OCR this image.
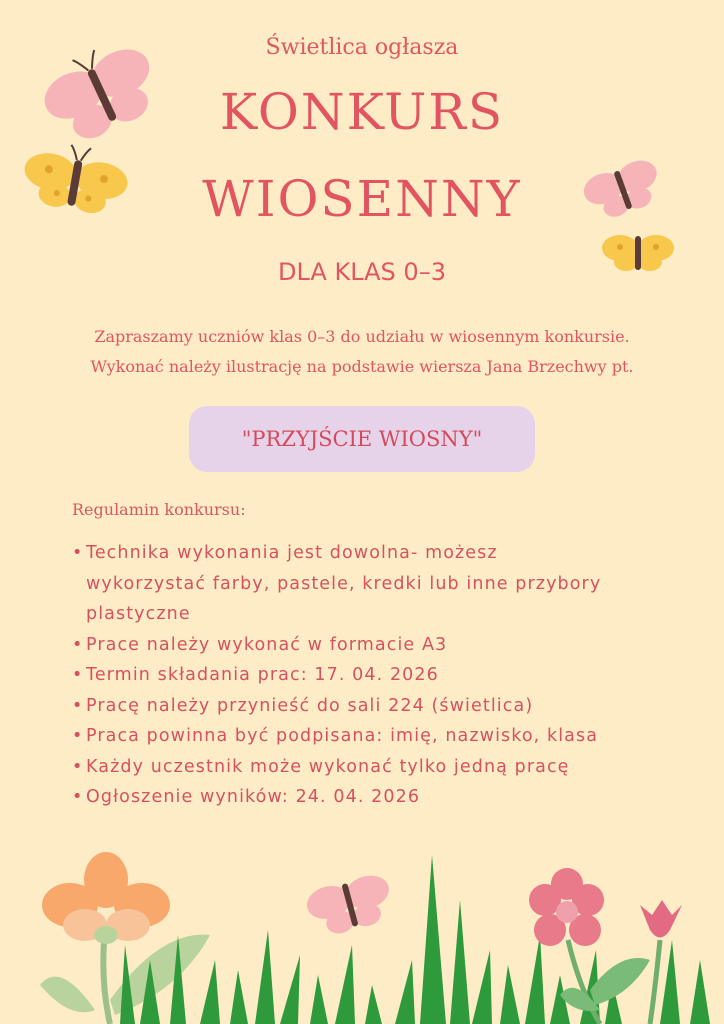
Świetlica ogłasza
KONKURS
WIOSENNY
DLA KLAS 0–3
Zapraszamy uczniów klas 0–3 do udziału w wiosennym konkursie.
Wykonać należy ilustrację na podstawie wiersza Jana Brzechwy pt.
"PRZYJŚCIE WIOSNY"
Regulamin konkursu:
• Technika wykonania jest dowolna- możesz
wykorzystać farby, pastele, kredki lub inne przybory
plastyczne
• Prace należy wykonać w formacie A3
• Termin składania prac: 17. 04. 2026
• Pracę należy przynieść do sali 224 (świetlica)
• Praca powinna być podpisana: imię, nazwisko, klasa
• Każdy uczestnik może wykonać tylko jedną pracę
• Ogłoszenie wyników: 24. 04. 2026
